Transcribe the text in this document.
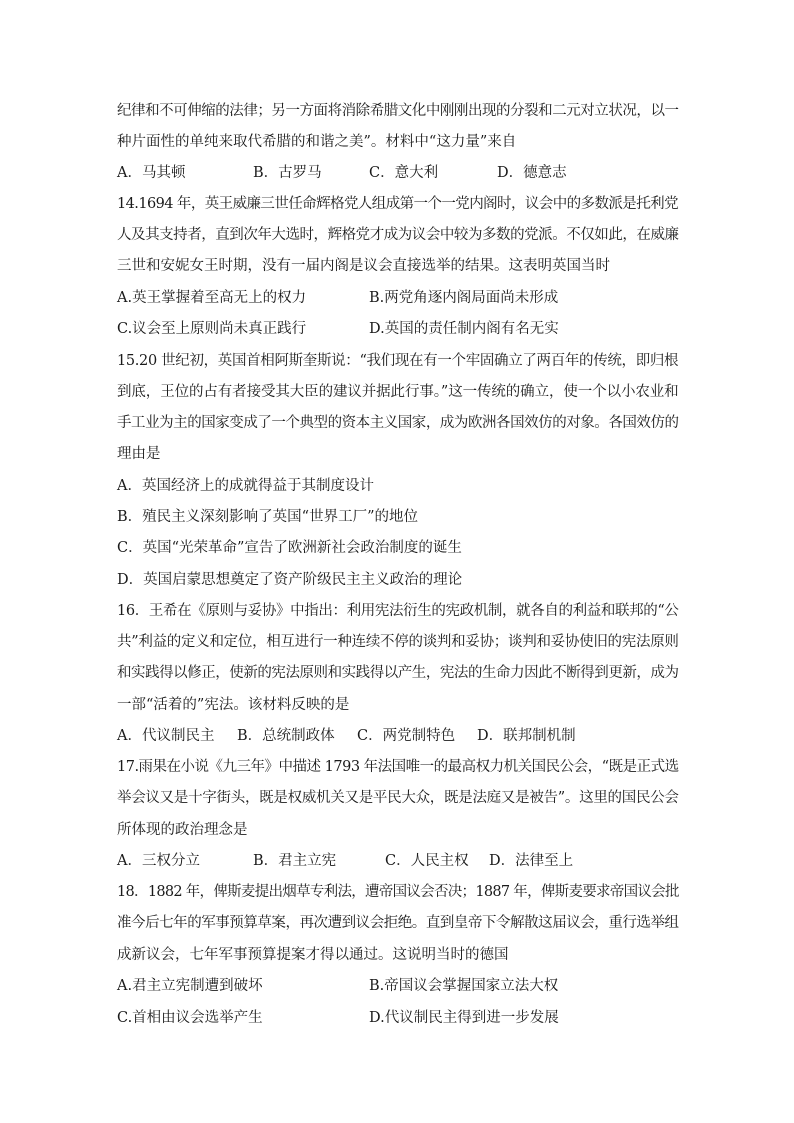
纪律和不可伸缩的法律；另一方面将消除希腊文化中刚刚出现的分裂和二元对立状况，以一
种片面性的单纯来取代希腊的和谐之美”。材料中“这力量”来自
A．马其顿	B．古罗马	C．意大利	D．德意志
14.1694 年，英王威廉三世任命辉格党人组成第一个一党内阁时，议会中的多数派是托利党
人及其支持者，直到次年大选时，辉格党才成为议会中较为多数的党派。不仅如此，在威廉
三世和安妮女王时期，没有一届内阁是议会直接选举的结果。这表明英国当时
A.英王掌握着至高无上的权力	B.两党角逐内阁局面尚未形成
C.议会至上原则尚未真正践行	D.英国的责任制内阁有名无实
15.20 世纪初，英国首相阿斯奎斯说：“我们现在有一个牢固确立了两百年的传统，即归根
到底，王位的占有者接受其大臣的建议并据此行事。”这一传统的确立，使一个以小农业和
手工业为主的国家变成了一个典型的资本主义国家，成为欧洲各国效仿的对象。各国效仿的
理由是
A．英国经济上的成就得益于其制度设计
B．殖民主义深刻影响了英国“世界工厂”的地位
C．英国“光荣革命”宣告了欧洲新社会政治制度的诞生
D．英国启蒙思想奠定了资产阶级民主主义政治的理论
16．王希在《原则与妥协》中指出：利用宪法衍生的宪政机制，就各自的利益和联邦的“公
共”利益的定义和定位，相互进行一种连续不停的谈判和妥协；谈判和妥协使旧的宪法原则
和实践得以修正，使新的宪法原则和实践得以产生，宪法的生命力因此不断得到更新，成为
一部“活着的”宪法。该材料反映的是
A．代议制民主 B．总统制政体 C．两党制特色 D．联邦制机制
17.雨果在小说《九三年》中描述 1793 年法国唯一的最高权力机关国民公会，“既是正式选
举会议又是十字街头，既是权威机关又是平民大众，既是法庭又是被告”。这里的国民公会
所体现的政治理念是
A．三权分立	B．君主立宪	C．人民主权 D．法律至上
18．1882 年，俾斯麦提出烟草专利法，遭帝国议会否决；1887 年，俾斯麦要求帝国议会批
准今后七年的军事预算草案，再次遭到议会拒绝。直到皇帝下令解散这届议会，重行选举组
成新议会，七年军事预算提案才得以通过。这说明当时的德国
A.君主立宪制遭到破坏	B.帝国议会掌握国家立法大权
C.首相由议会选举产生	D.代议制民主得到进一步发展
